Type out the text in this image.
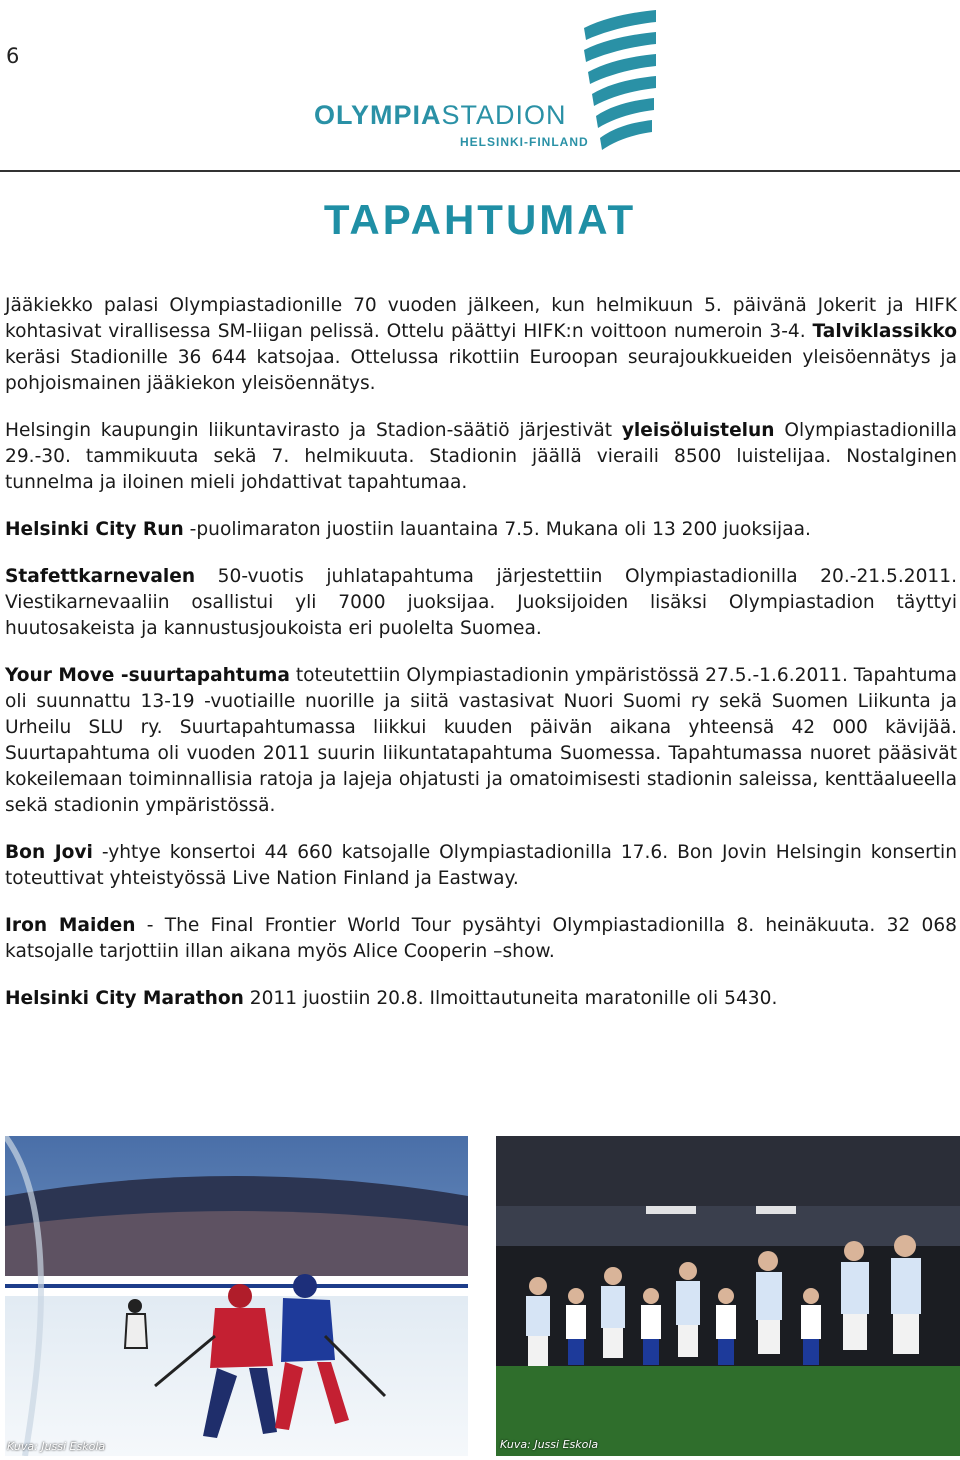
6
OLYMPIASTADION
HELSINKI-FINLAND
TAPAHTUMAT

Jääkiekko palasi Olympiastadionille 70 vuoden jälkeen, kun helmikuun 5. päivänä Jokerit ja HIFK kohtasivat virallisessa SM-liigan pelissä. Ottelu päättyi HIFK:n voittoon numeroin 3-4. Talviklassikko keräsi Stadionille 36 644 katsojaa. Ottelussa rikottiin Euroopan seurajoukkueiden yleisöennätys ja pohjoismainen jääkiekon yleisöennätys.

Helsingin kaupungin liikuntavirasto ja Stadion-säätiö järjestivät yleisöluistelun Olympiastadionilla 29.-30. tammikuuta sekä 7. helmikuuta. Stadionin jäällä vieraili 8500 luistelijaa. Nostalginen tunnelma ja iloinen mieli johdattivat tapahtumaa.

Helsinki City Run -puolimaraton juostiin lauantaina 7.5. Mukana oli 13 200 juoksijaa.

Stafettkarnevalen 50-vuotis juhlatapahtuma järjestettiin Olympiastadionilla 20.-21.5.2011. Viestikarnevaaliin osallistui yli 7000 juoksijaa. Juoksijoiden lisäksi Olympiastadion täyttyi huutosakeista ja kannustusjoukoista eri puolelta Suomea.

Your Move -suurtapahtuma toteutettiin Olympiastadionin ympäristössä 27.5.-1.6.2011. Tapahtuma oli suunnattu 13-19 -vuotiaille nuorille ja siitä vastasivat Nuori Suomi ry sekä Suomen Liikunta ja Urheilu SLU ry. Suurtapahtumassa liikkui kuuden päivän aikana yhteensä 42 000 kävijää. Suurtapahtuma oli vuoden 2011 suurin liikuntatapahtuma Suomessa. Tapahtumassa nuoret pääsivät kokeilemaan toiminnallisia ratoja ja lajeja ohjatusti ja omatoimisesti stadionin saleissa, kenttäalueella sekä stadionin ympäristössä.

Bon Jovi -yhtye konsertoi 44 660 katsojalle Olympiastadionilla 17.6. Bon Jovin Helsingin konsertin toteuttivat yhteistyössä Live Nation Finland ja Eastway.

Iron Maiden - The Final Frontier World Tour pysähtyi Olympiastadionilla 8. heinäkuuta. 32 068 katsojalle tarjottiin illan aikana myös Alice Cooperin –show.

Helsinki City Marathon 2011 juostiin 20.8. Ilmoittautuneita maratonille oli 5430.

Kuva: Jussi Eskola	Kuva: Jussi Eskola
